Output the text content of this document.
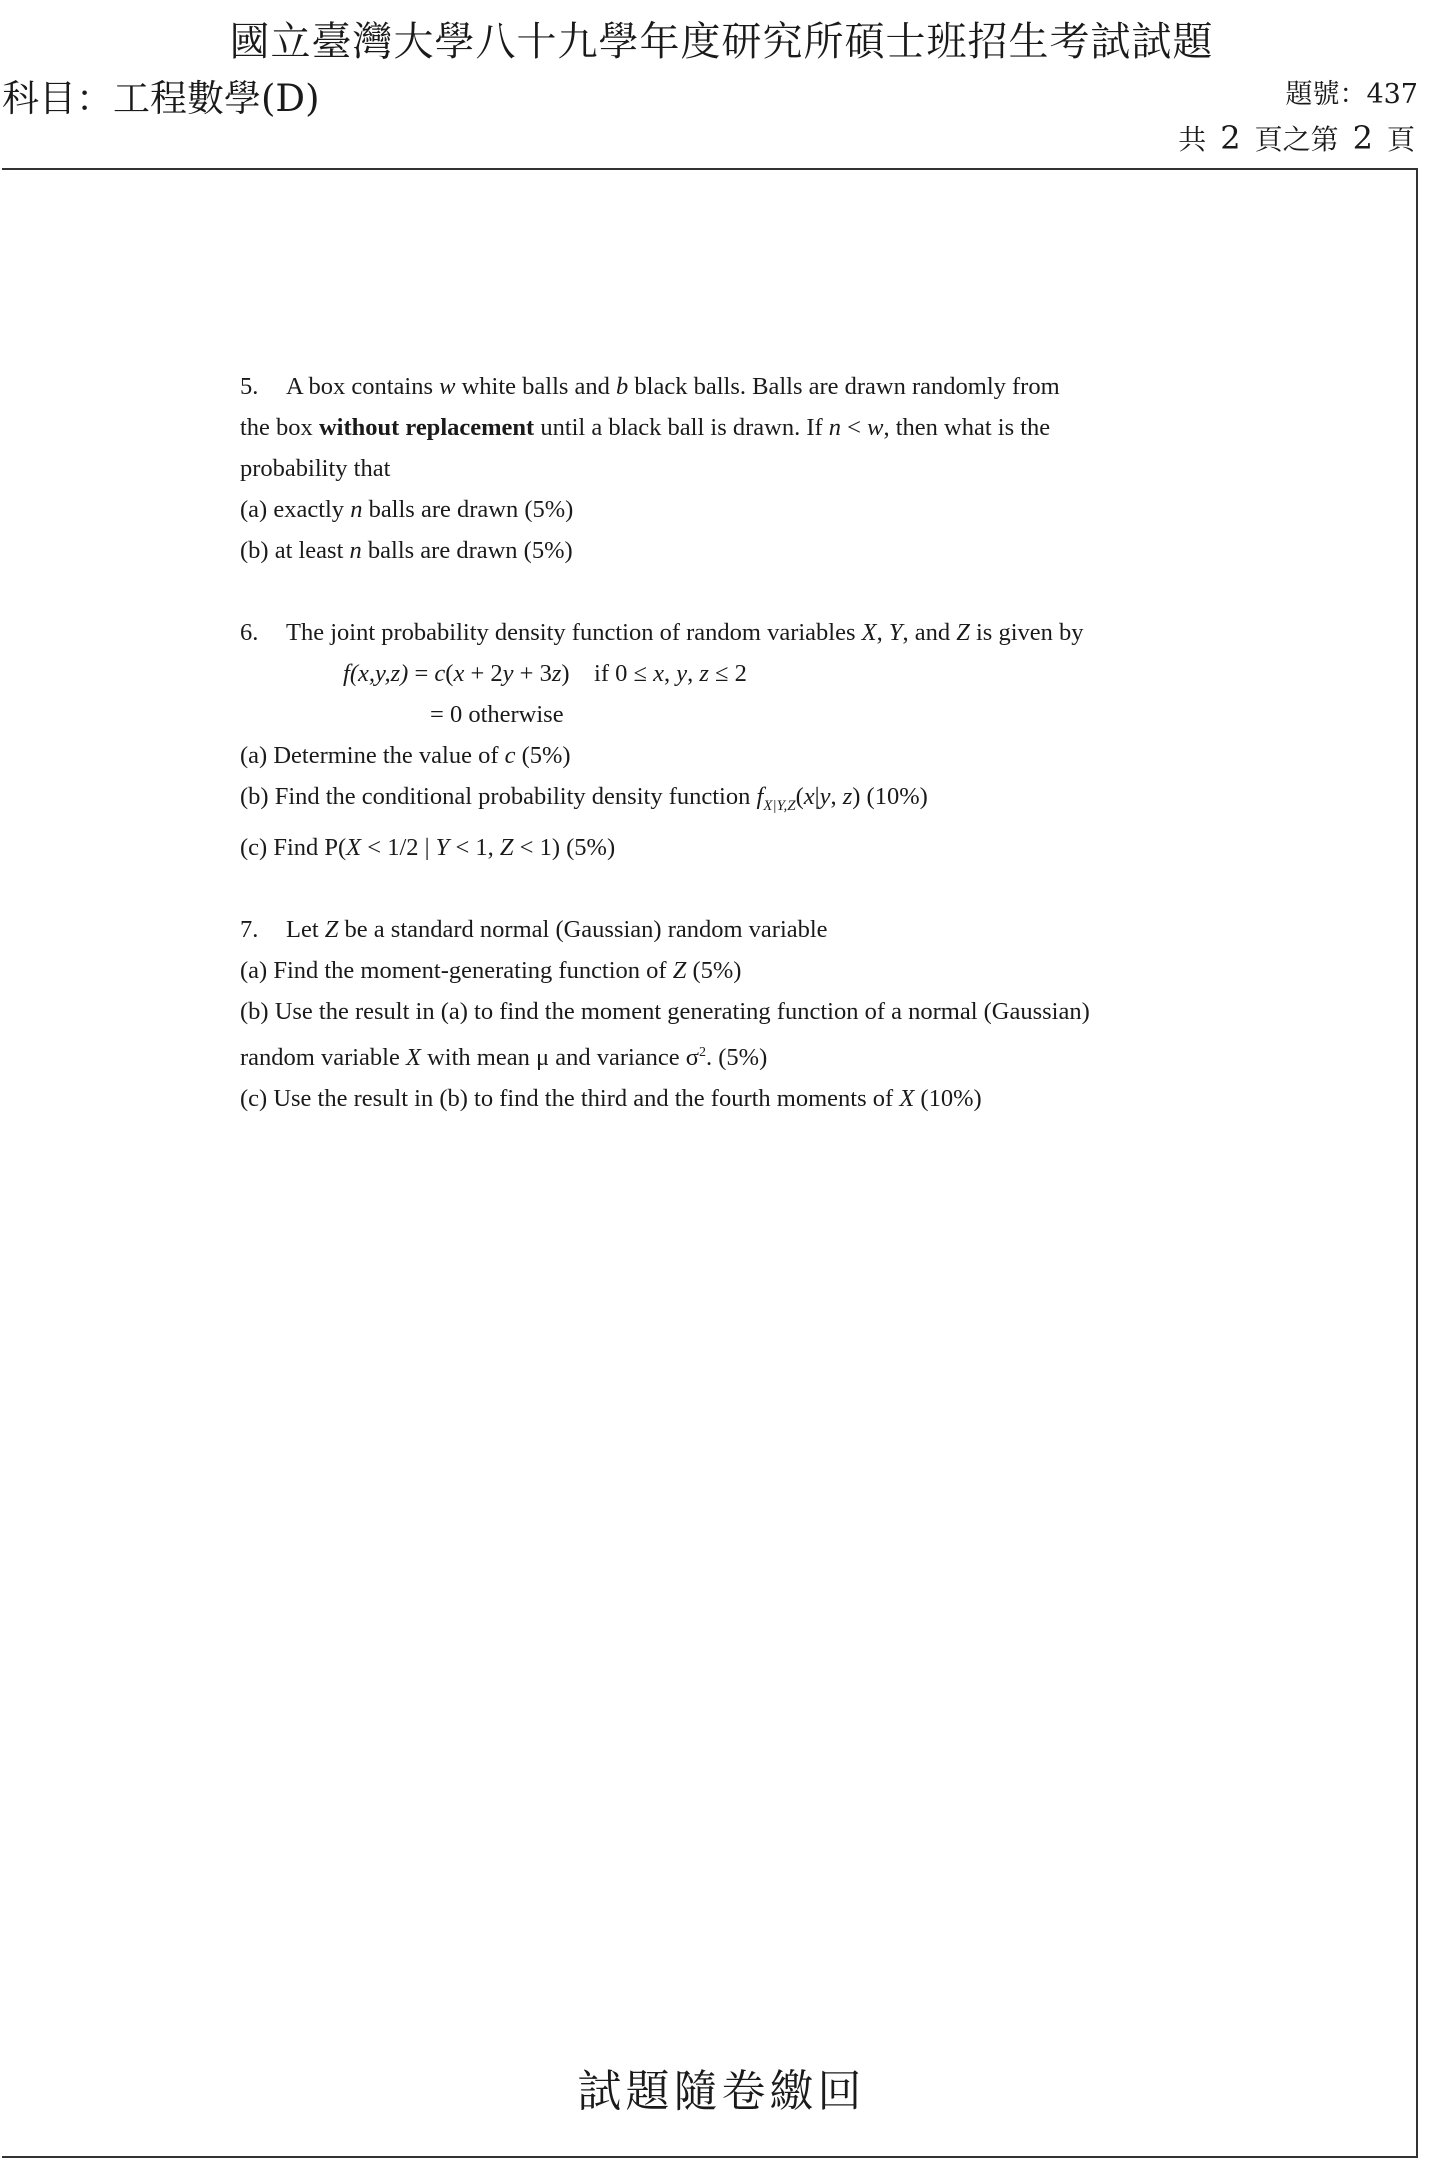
國立臺灣大學八十九學年度研究所碩士班招生考試試題
科目：工程數學(D)	題號：437
共 2 頁之第 2 頁

5. A box contains w white balls and b black balls. Balls are drawn randomly from

the box without replacement until a black ball is drawn. If n < w, then what is the

probability that

(a) exactly n balls are drawn (5%)

(b) at least n balls are drawn (5%)

6. The joint probability density function of random variables X, Y, and Z is given by

f(x,y,z) = c(x + 2y + 3z)    if 0 ≤ x, y, z ≤ 2

= 0 otherwise

(a) Determine the value of c (5%)

(b) Find the conditional probability density function $f_{X|Y,Z}(x|y$, z) (10%)

(c) Find P(X < 1/2 | Y < 1, Z < 1) (5%)

7. Let Z be a standard normal (Gaussian) random variable

(a) Find the moment-generating function of Z (5%)

(b) Use the result in (a) to find the moment generating function of a normal (Gaussian)

random variable X with mean μ and variance $\sigma^2$. (5%)

(c) Use the result in (b) to find the third and the fourth moments of X (10%)

試題隨卷繳回
